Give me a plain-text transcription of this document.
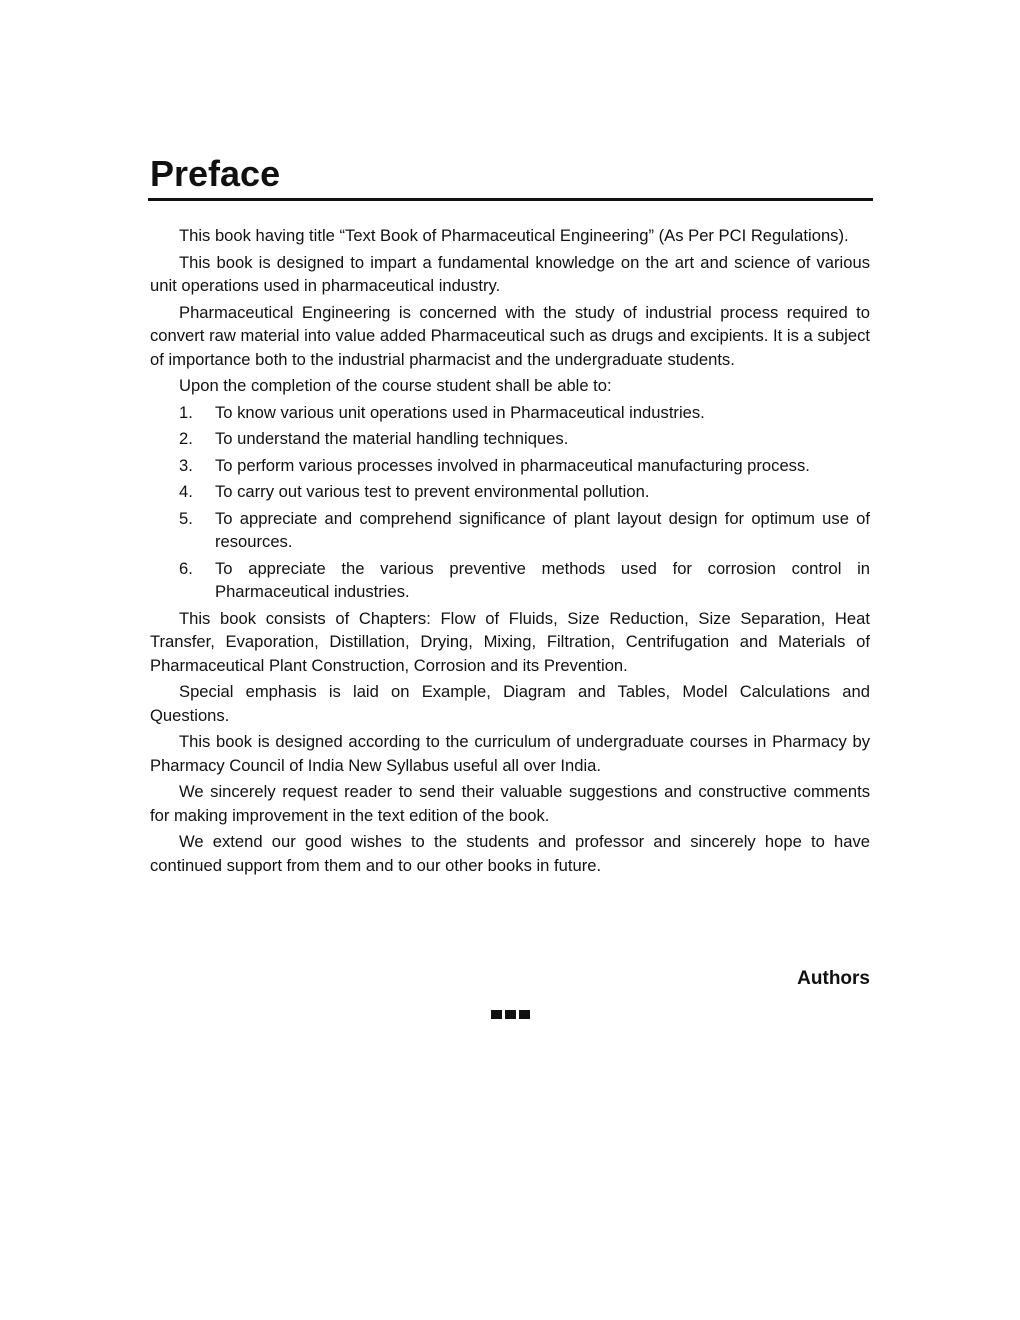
Preface

This book having title “Text Book of Pharmaceutical Engineering” (As Per PCI Regulations).

This book is designed to impart a fundamental knowledge on the art and science of various unit operations used in pharmaceutical industry.

Pharmaceutical Engineering is concerned with the study of industrial process required to convert raw material into value added Pharmaceutical such as drugs and excipients. It is a subject of importance both to the industrial pharmacist and the undergraduate students.

Upon the completion of the course student shall be able to:

1. To know various unit operations used in Pharmaceutical industries.
2. To understand the material handling techniques.
3. To perform various processes involved in pharmaceutical manufacturing process.
4. To carry out various test to prevent environmental pollution.
5. To appreciate and comprehend significance of plant layout design for optimum use of resources.
6. To appreciate the various preventive methods used for corrosion control in Pharmaceutical industries.

This book consists of Chapters: Flow of Fluids, Size Reduction, Size Separation, Heat Transfer, Evaporation, Distillation, Drying, Mixing, Filtration, Centrifugation and Materials of Pharmaceutical Plant Construction, Corrosion and its Prevention.

Special emphasis is laid on Example, Diagram and Tables, Model Calculations and Questions.

This book is designed according to the curriculum of undergraduate courses in Pharmacy by Pharmacy Council of India New Syllabus useful all over India.

We sincerely request reader to send their valuable suggestions and constructive comments for making improvement in the text edition of the book.

We extend our good wishes to the students and professor and sincerely hope to have continued support from them and to our other books in future.

Authors
